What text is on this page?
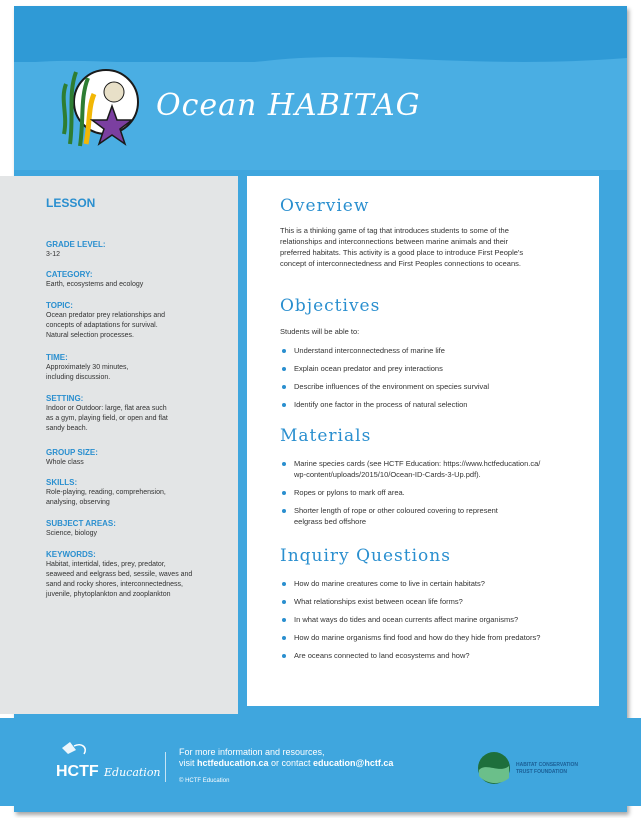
Ocean HABITAG
LESSON
GRADE LEVEL:
3-12
CATEGORY:
Earth, ecosystems and ecology
TOPIC:
Ocean predator prey relationships and
concepts of adaptations for survival.
Natural selection processes.
TIME:
Approximately 30 minutes,
including discussion.
SETTING:
Indoor or Outdoor: large, flat area such
as a gym, playing field, or open and flat
sandy beach.
GROUP SIZE:
Whole class
SKILLS:
Role-playing, reading, comprehension,
analysing, observing
SUBJECT AREAS:
Science, biology
KEYWORDS:
Habitat, intertidal, tides, prey, predator,
seaweed and eelgrass bed, sessile, waves and
sand and rocky shores, interconnectedness,
juvenile, phytoplankton and zooplankton
Overview
This is a thinking game of tag that introduces students to some of the
relationships and interconnections between marine animals and their
preferred habitats. This activity is a good place to introduce First People's
concept of interconnectedness and First Peoples connections to oceans.
Objectives
Students will be able to:
Understand interconnectedness of marine life
Explain ocean predator and prey interactions
Describe influences of the environment on species survival
Identify one factor in the process of natural selection
Materials
Marine species cards (see HCTF Education: https://www.hctfeducation.ca/
wp-content/uploads/2015/10/Ocean-ID-Cards-3-Up.pdf).
Ropes or pylons to mark off area.
Shorter length of rope or other coloured covering to represent
eelgrass bed offshore
Inquiry Questions
How do marine creatures come to live in certain habitats?
What relationships exist between ocean life forms?
In what ways do tides and ocean currents affect marine organisms?
How do marine organisms find food and how do they hide from predators?
Are oceans connected to land ecosystems and how?
HCTF Education
For more information and resources,
visit hctfeducation.ca or contact education@hctf.ca
© HCTF Education
HABITAT CONSERVATION
TRUST FOUNDATION
